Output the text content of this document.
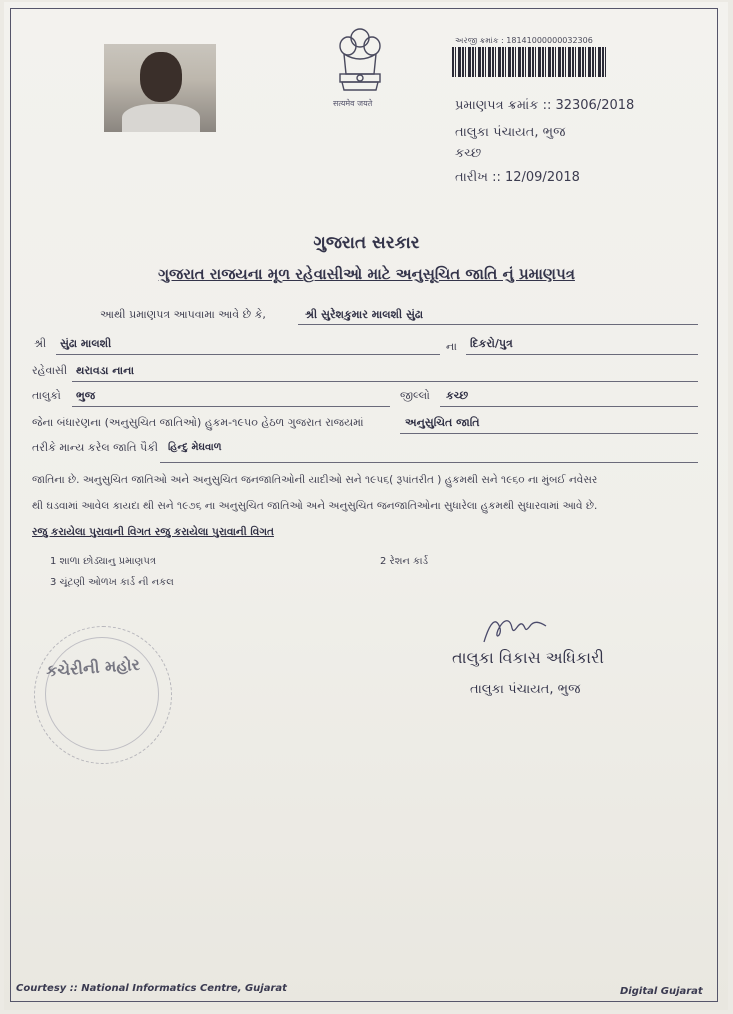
सत्यमेव जयते
અરજી ક્રમાંક : 18141000000032306
પ્રમાણપત્ર ક્રમાંક :: 32306/2018
તાલુકા પંચાયત, ભુજ
કચ્છ
તારીખ :: 12/09/2018
ગુજરાત સરકાર
ગુજરાત રાજયના મૂળ રહેવાસીઓ માટે અનુસૂચિત જાતિ નું પ્રમાણપત્ર
આથી પ્રમાણપત્ર આપવામા આવે છે કે,	શ્રી સુરેશકુમાર માલશી સુંઢા
શ્રી સુંઢા માલશી	ના દિકરો/પુત્ર
રહેવાસી થરાવડા નાના
તાલુકો ભુજ	જીલ્લો કચ્છ
જેના બંધારણના (અનુસુચિત જાતિઓ) હુકમ-૧૯૫૦ હેઠળ ગુજરાત રાજયમાં	અનુસુચિત જાતિ
તરીકે માન્ય કરેલ જાતિ પૈકી હિન્દુ મેઘવાળ
જાતિના છે. અનુસુચિત જાતિઓ અને અનુસુચિત જનજાતિઓની યાદીઓ સને ૧૯૫૬( રૂપાંતરીત ) હુકમથી સને ૧૯૬૦ ના મુંબઈ નવેસર
થી ઘડવામાં આવેલ કાયદા થી સને ૧૯૭૬ ના અનુસુચિત જાતિઓ અને અનુસુચિત જનજાતિઓના સુધારેલા હુકમથી સુધારવામાં આવે છે.
રજુ કરાયેલા પુરાવાની વિગત રજુ કરાયેલા પુરાવાની વિગત
1 શાળા છોડ્યાનુ પ્રમાણપત્ર	2 રેશન કાર્ડ
3 ચૂંટણી ઓળખ કાર્ડ ની નકલ
કચેરીની મહોર	તાલુકા વિકાસ અધિકારી
તાલુકા પંચાયત, ભુજ
Courtesy :: National Informatics Centre, Gujarat	Digital Gujarat
